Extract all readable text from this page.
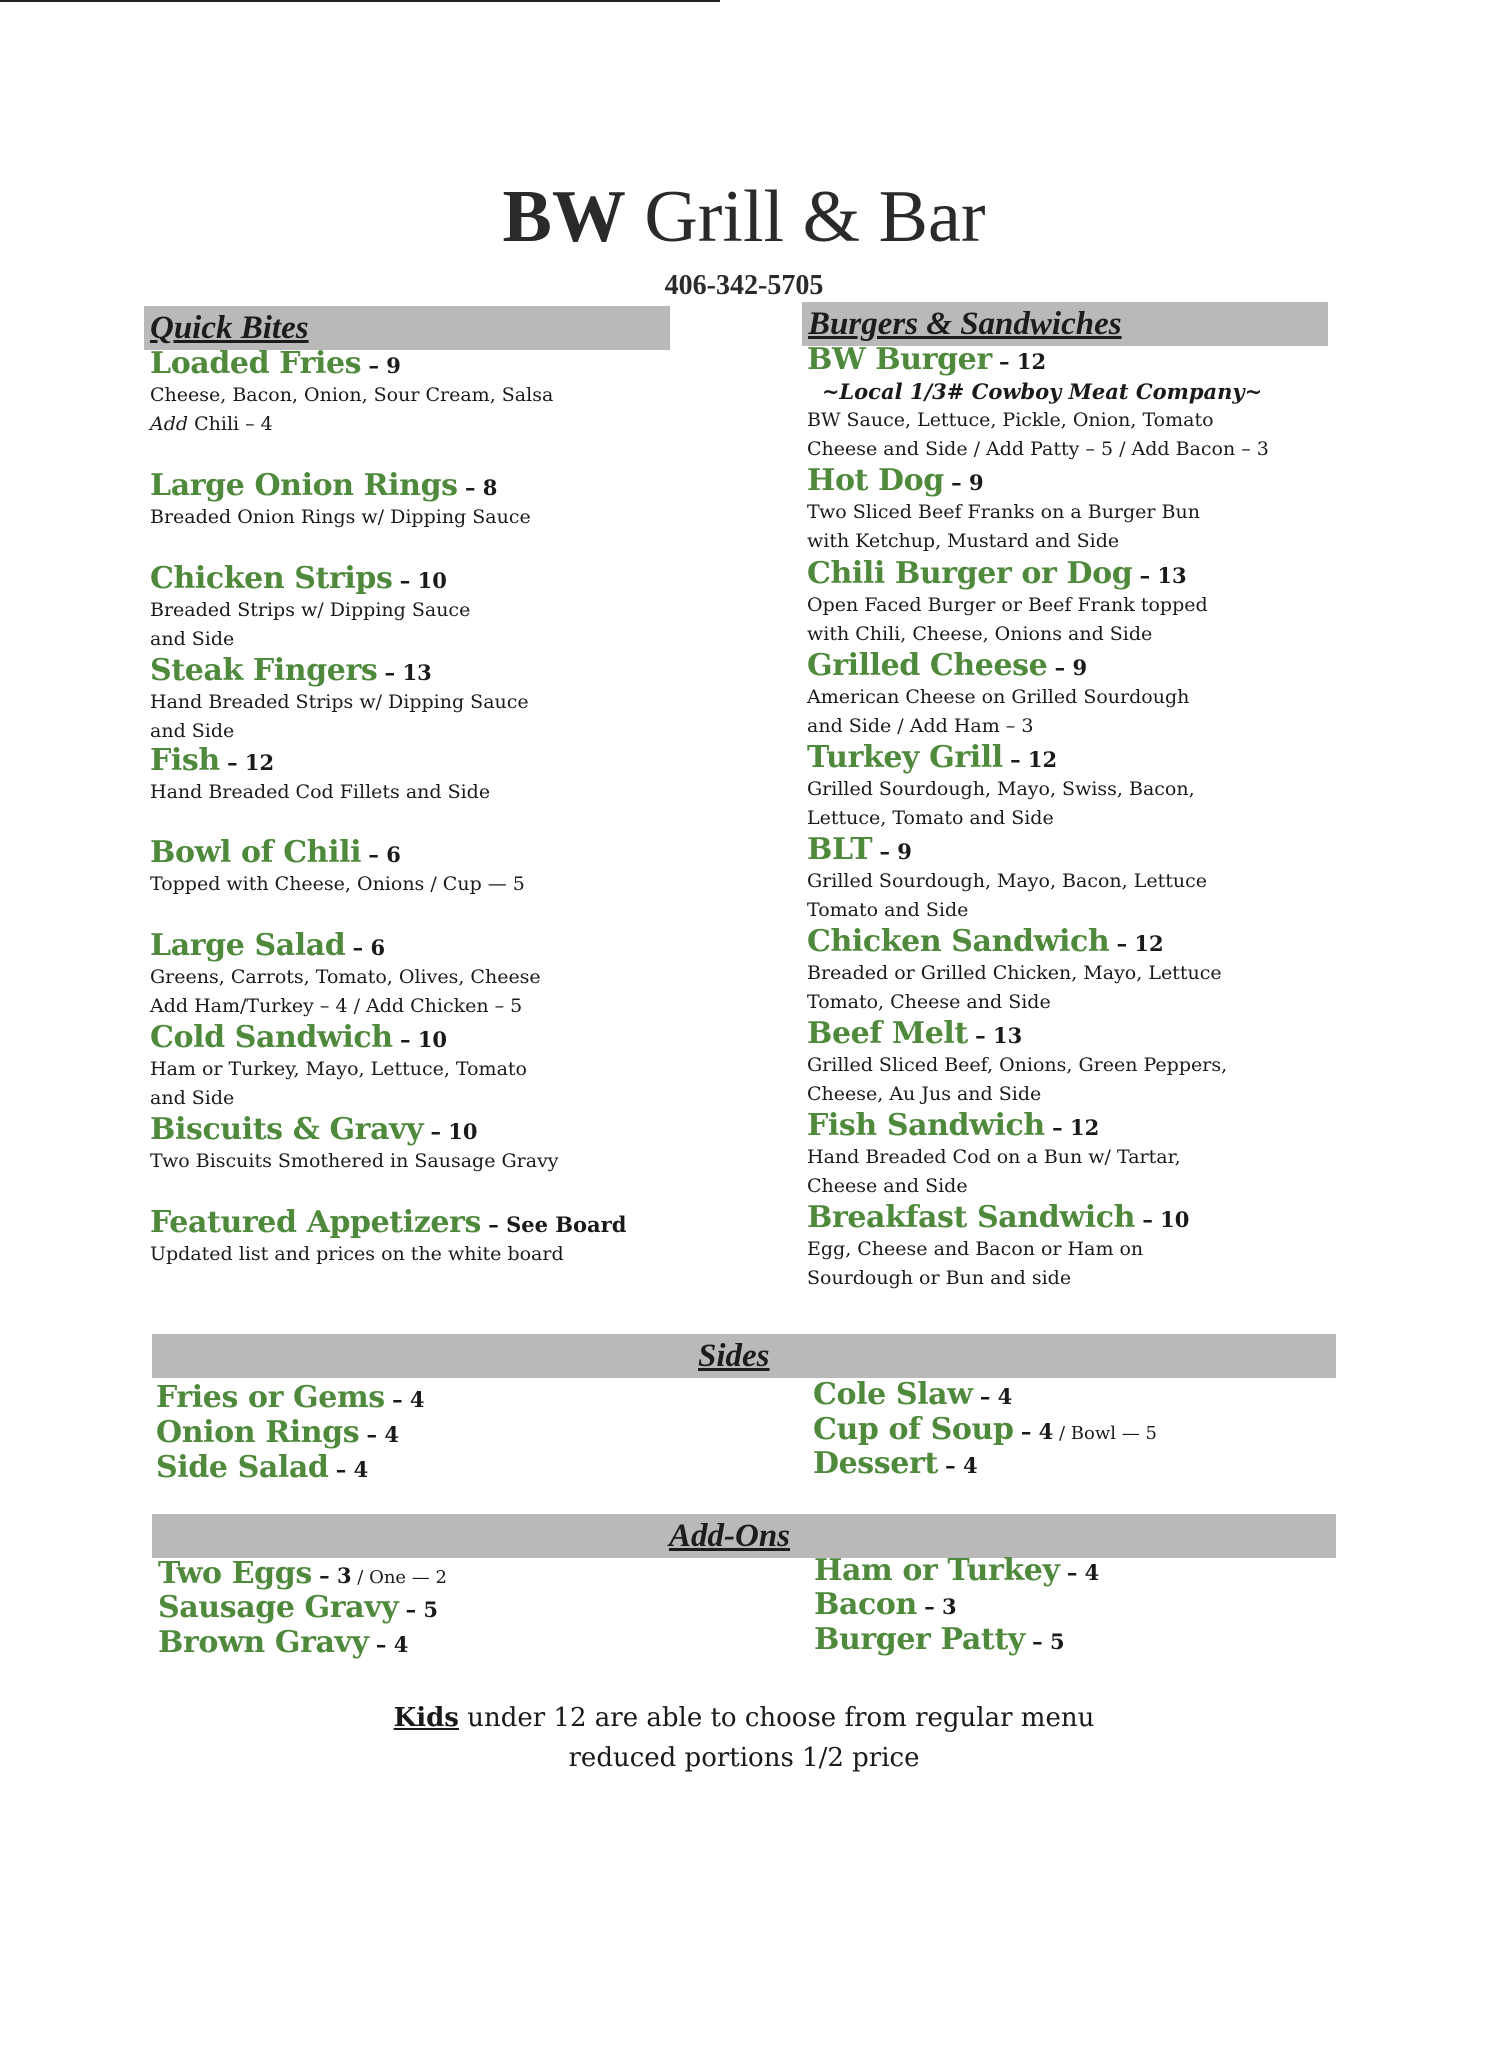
BW Grill & Bar
406-342-5705
Quick Bites	Burgers & Sandwiches
Sides
Add-Ons
Loaded Fries – 9
Cheese, Bacon, Onion, Sour Cream, Salsa
Add Chili – 4
Large Onion Rings – 8
Breaded Onion Rings w/ Dipping Sauce
Chicken Strips – 10
Breaded Strips w/ Dipping Sauce
and Side
Steak Fingers – 13
Hand Breaded Strips w/ Dipping Sauce
and Side
Fish – 12
Hand Breaded Cod Fillets and Side
Bowl of Chili – 6
Topped with Cheese, Onions / Cup — 5
Large Salad – 6
Greens, Carrots, Tomato, Olives, Cheese
Add Ham/Turkey – 4 / Add Chicken – 5
Cold Sandwich – 10
Ham or Turkey, Mayo, Lettuce, Tomato
and Side
Biscuits & Gravy – 10
Two Biscuits Smothered in Sausage Gravy
Featured Appetizers – See Board
Updated list and prices on the white board
BW Burger – 12
~Local 1/3# Cowboy Meat Company~
BW Sauce, Lettuce, Pickle, Onion, Tomato
Cheese and Side / Add Patty – 5 / Add Bacon – 3
Hot Dog – 9
Two Sliced Beef Franks on a Burger Bun
with Ketchup, Mustard and Side
Chili Burger or Dog – 13
Open Faced Burger or Beef Frank topped
with Chili, Cheese, Onions and Side
Grilled Cheese – 9
American Cheese on Grilled Sourdough
and Side / Add Ham – 3
Turkey Grill – 12
Grilled Sourdough, Mayo, Swiss, Bacon,
Lettuce, Tomato and Side
BLT – 9
Grilled Sourdough, Mayo, Bacon, Lettuce
Tomato and Side
Chicken Sandwich – 12
Breaded or Grilled Chicken, Mayo, Lettuce
Tomato, Cheese and Side
Beef Melt – 13
Grilled Sliced Beef, Onions, Green Peppers,
Cheese, Au Jus and Side
Fish Sandwich – 12
Hand Breaded Cod on a Bun w/ Tartar,
Cheese and Side
Breakfast Sandwich – 10
Egg, Cheese and Bacon or Ham on
Sourdough or Bun and side
Fries or Gems – 4
Onion Rings – 4
Side Salad – 4
Cole Slaw – 4
Cup of Soup – 4 / Bowl — 5
Dessert – 4
Two Eggs – 3 / One — 2
Sausage Gravy – 5
Brown Gravy – 4
Ham or Turkey – 4
Bacon – 3
Burger Patty – 5
Kids under 12 are able to choose from regular menu
reduced portions 1/2 price
